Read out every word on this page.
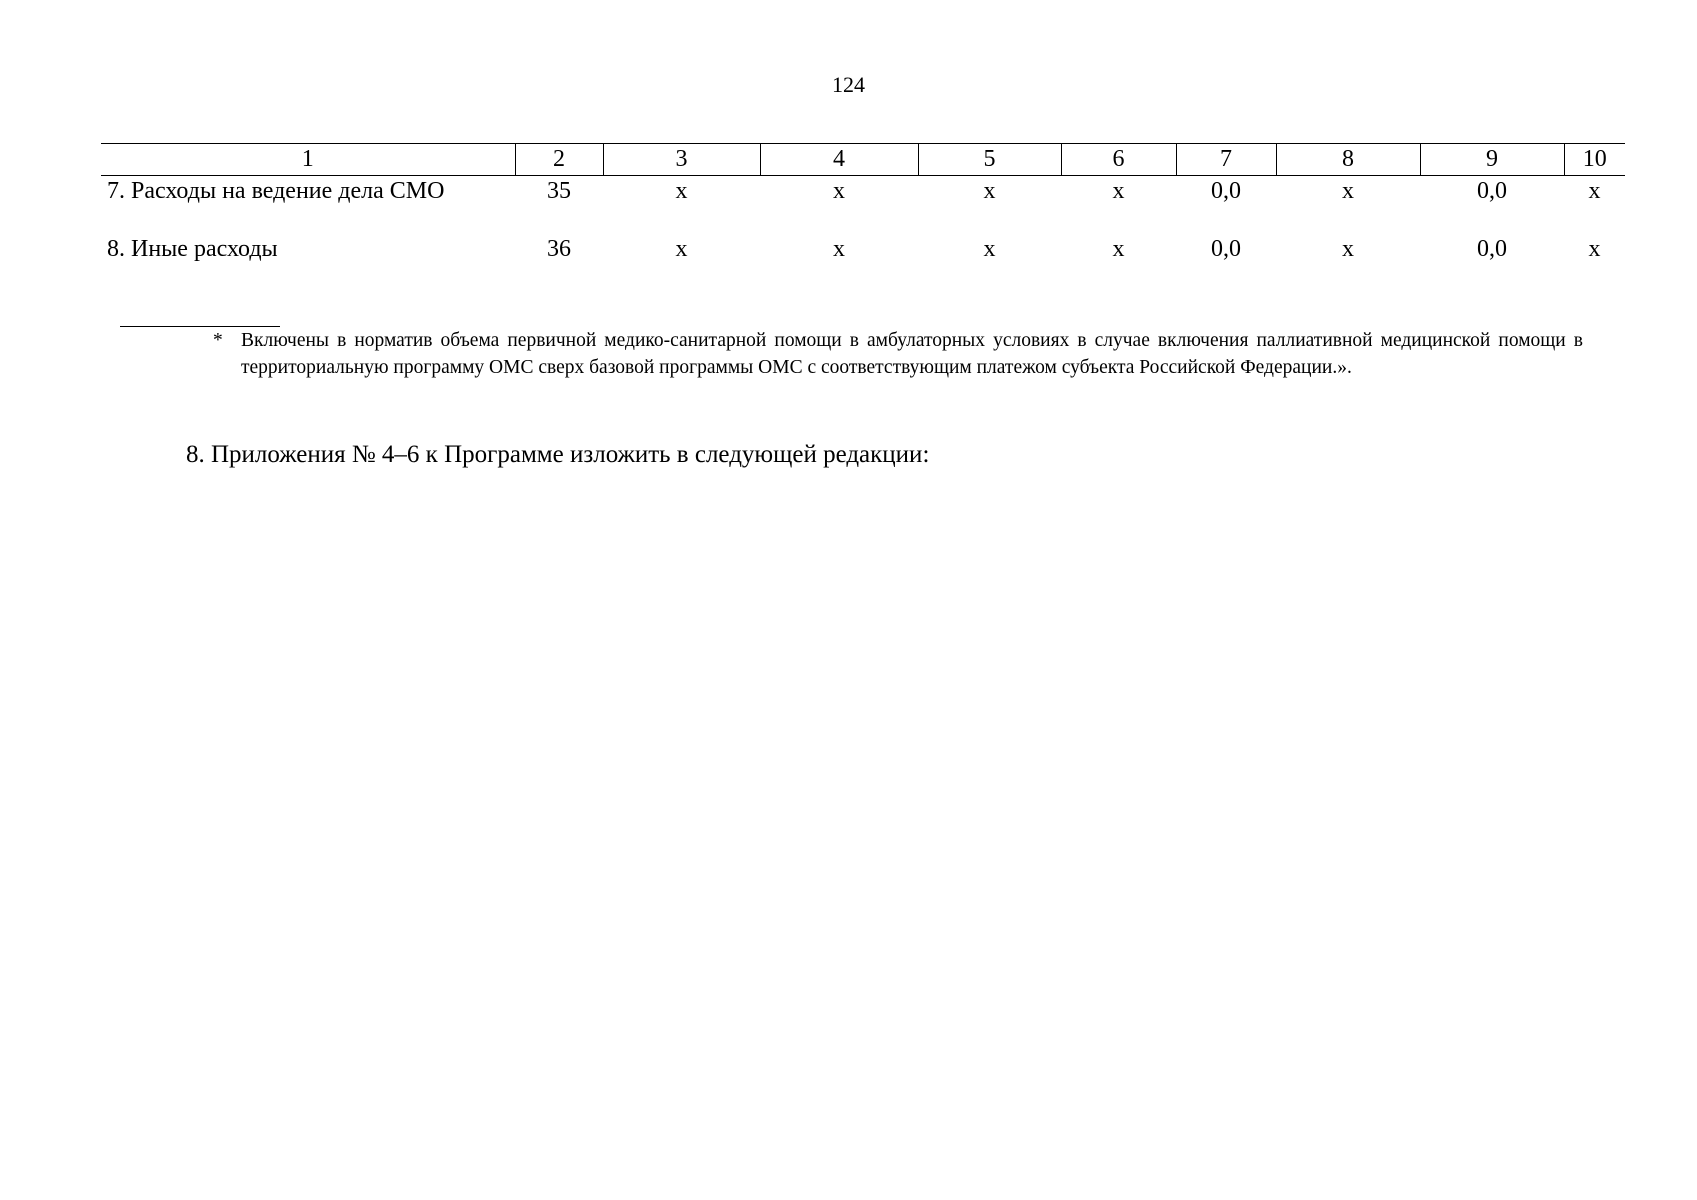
124
1	2	3	4	5	6	7	8	9	10
7. Расходы на ведение дела СМО	35	х	х	х	х	0,0	х	0,0	х
8. Иные расходы	36	х	х	х	х	0,0	х	0,0	х
* Включены в норматив объема первичной медико-санитарной помощи в амбулаторных условиях в случае включения паллиативной медицинской помощи в территориальную программу ОМС сверх базовой программы ОМС с соответствующим платежом субъекта Российской Федерации.».
8. Приложения № 4–6 к Программе изложить в следующей редакции:
